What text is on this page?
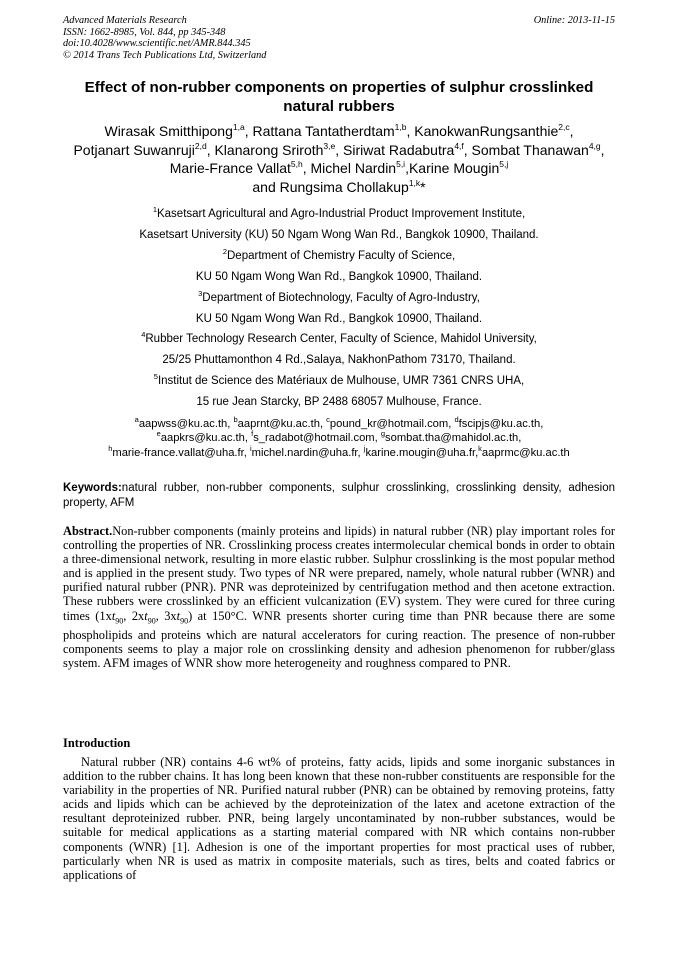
Advanced Materials Research
ISSN: 1662-8985, Vol. 844, pp 345-348
doi:10.4028/www.scientific.net/AMR.844.345
© 2014 Trans Tech Publications Ltd, Switzerland
Online: 2013-11-15
Effect of non-rubber components on properties of sulphur crosslinked natural rubbers
Wirasak Smitthipong$^{1,a}$, Rattana Tantatherdtam$^{1,b}$, KanokwanRungsanthie$^{2,c}$,
Potjanart Suwanruji$^{2,d}$, Klanarong Sriroth$^{3,e}$, Siriwat Radabutra$^{4,f}$, Sombat Thanawan$^{4,g}$,
Marie-France Vallat$^{5,h}$, Michel Nardin$^{5,i}$,Karine Mougin$^{5,j}$
and Rungsima Chollakup$^{1,k}$*
$^1$Kasetsart Agricultural and Agro-Industrial Product Improvement Institute,
Kasetsart University (KU) 50 Ngam Wong Wan Rd., Bangkok 10900, Thailand.
$^2$Department of Chemistry Faculty of Science,
KU 50 Ngam Wong Wan Rd., Bangkok 10900, Thailand.
$^3$Department of Biotechnology, Faculty of Agro-Industry,
KU 50 Ngam Wong Wan Rd., Bangkok 10900, Thailand.
$^4$Rubber Technology Research Center, Faculty of Science, Mahidol University,
25/25 Phuttamonthon 4 Rd.,Salaya, NakhonPathom 73170, Thailand.
$^5$Institut de Science des Matériaux de Mulhouse, UMR 7361 CNRS UHA,
15 rue Jean Starcky, BP 2488 68057 Mulhouse, France.
$^a$aapwss@ku.ac.th, $^b$aaprnt@ku.ac.th, $^c$pound_kr@hotmail.com, $^d$fscipjs@ku.ac.th,
$^e$aapkrs@ku.ac.th, $^f$s_radabot@hotmail.com, $^g$sombat.tha@mahidol.ac.th,
$^h$marie-france.vallat@uha.fr, $^i$michel.nardin@uha.fr, $^j$karine.mougin@uha.fr,$^k$aaprmc@ku.ac.th
Keywords:natural rubber, non-rubber components, sulphur crosslinking, crosslinking density, adhesion property, AFM
Abstract.Non-rubber components (mainly proteins and lipids) in natural rubber (NR) play important roles for controlling the properties of NR. Crosslinking process creates intermolecular chemical bonds in order to obtain a three-dimensional network, resulting in more elastic rubber. Sulphur crosslinking is the most popular method and is applied in the present study. Two types of NR were prepared, namely, whole natural rubber (WNR) and purified natural rubber (PNR). PNR was deproteinized by centrifugation method and then acetone extraction. These rubbers were crosslinked by an efficient vulcanization (EV) system. They were cured for three curing times ($1xt_{90}$, $2xt_{90}$, $3xt_{90}$) at 150°C. WNR presents shorter curing time than PNR because there are some phospholipids and proteins which are natural accelerators for curing reaction. The presence of non-rubber components seems to play a major role on crosslinking density and adhesion phenomenon for rubber/glass system. AFM images of WNR show more heterogeneity and roughness compared to PNR.
Introduction
Natural rubber (NR) contains 4-6 wt% of proteins, fatty acids, lipids and some inorganic substances in addition to the rubber chains. It has long been known that these non-rubber constituents are responsible for the variability in the properties of NR. Purified natural rubber (PNR) can be obtained by removing proteins, fatty acids and lipids which can be achieved by the deproteinization of the latex and acetone extraction of the resultant deproteinized rubber. PNR, being largely uncontaminated by non-rubber substances, would be suitable for medical applications as a starting material compared with NR which contains non-rubber components (WNR) [1]. Adhesion is one of the important properties for most practical uses of rubber, particularly when NR is used as matrix in composite materials, such as tires, belts and coated fabrics or applications of
